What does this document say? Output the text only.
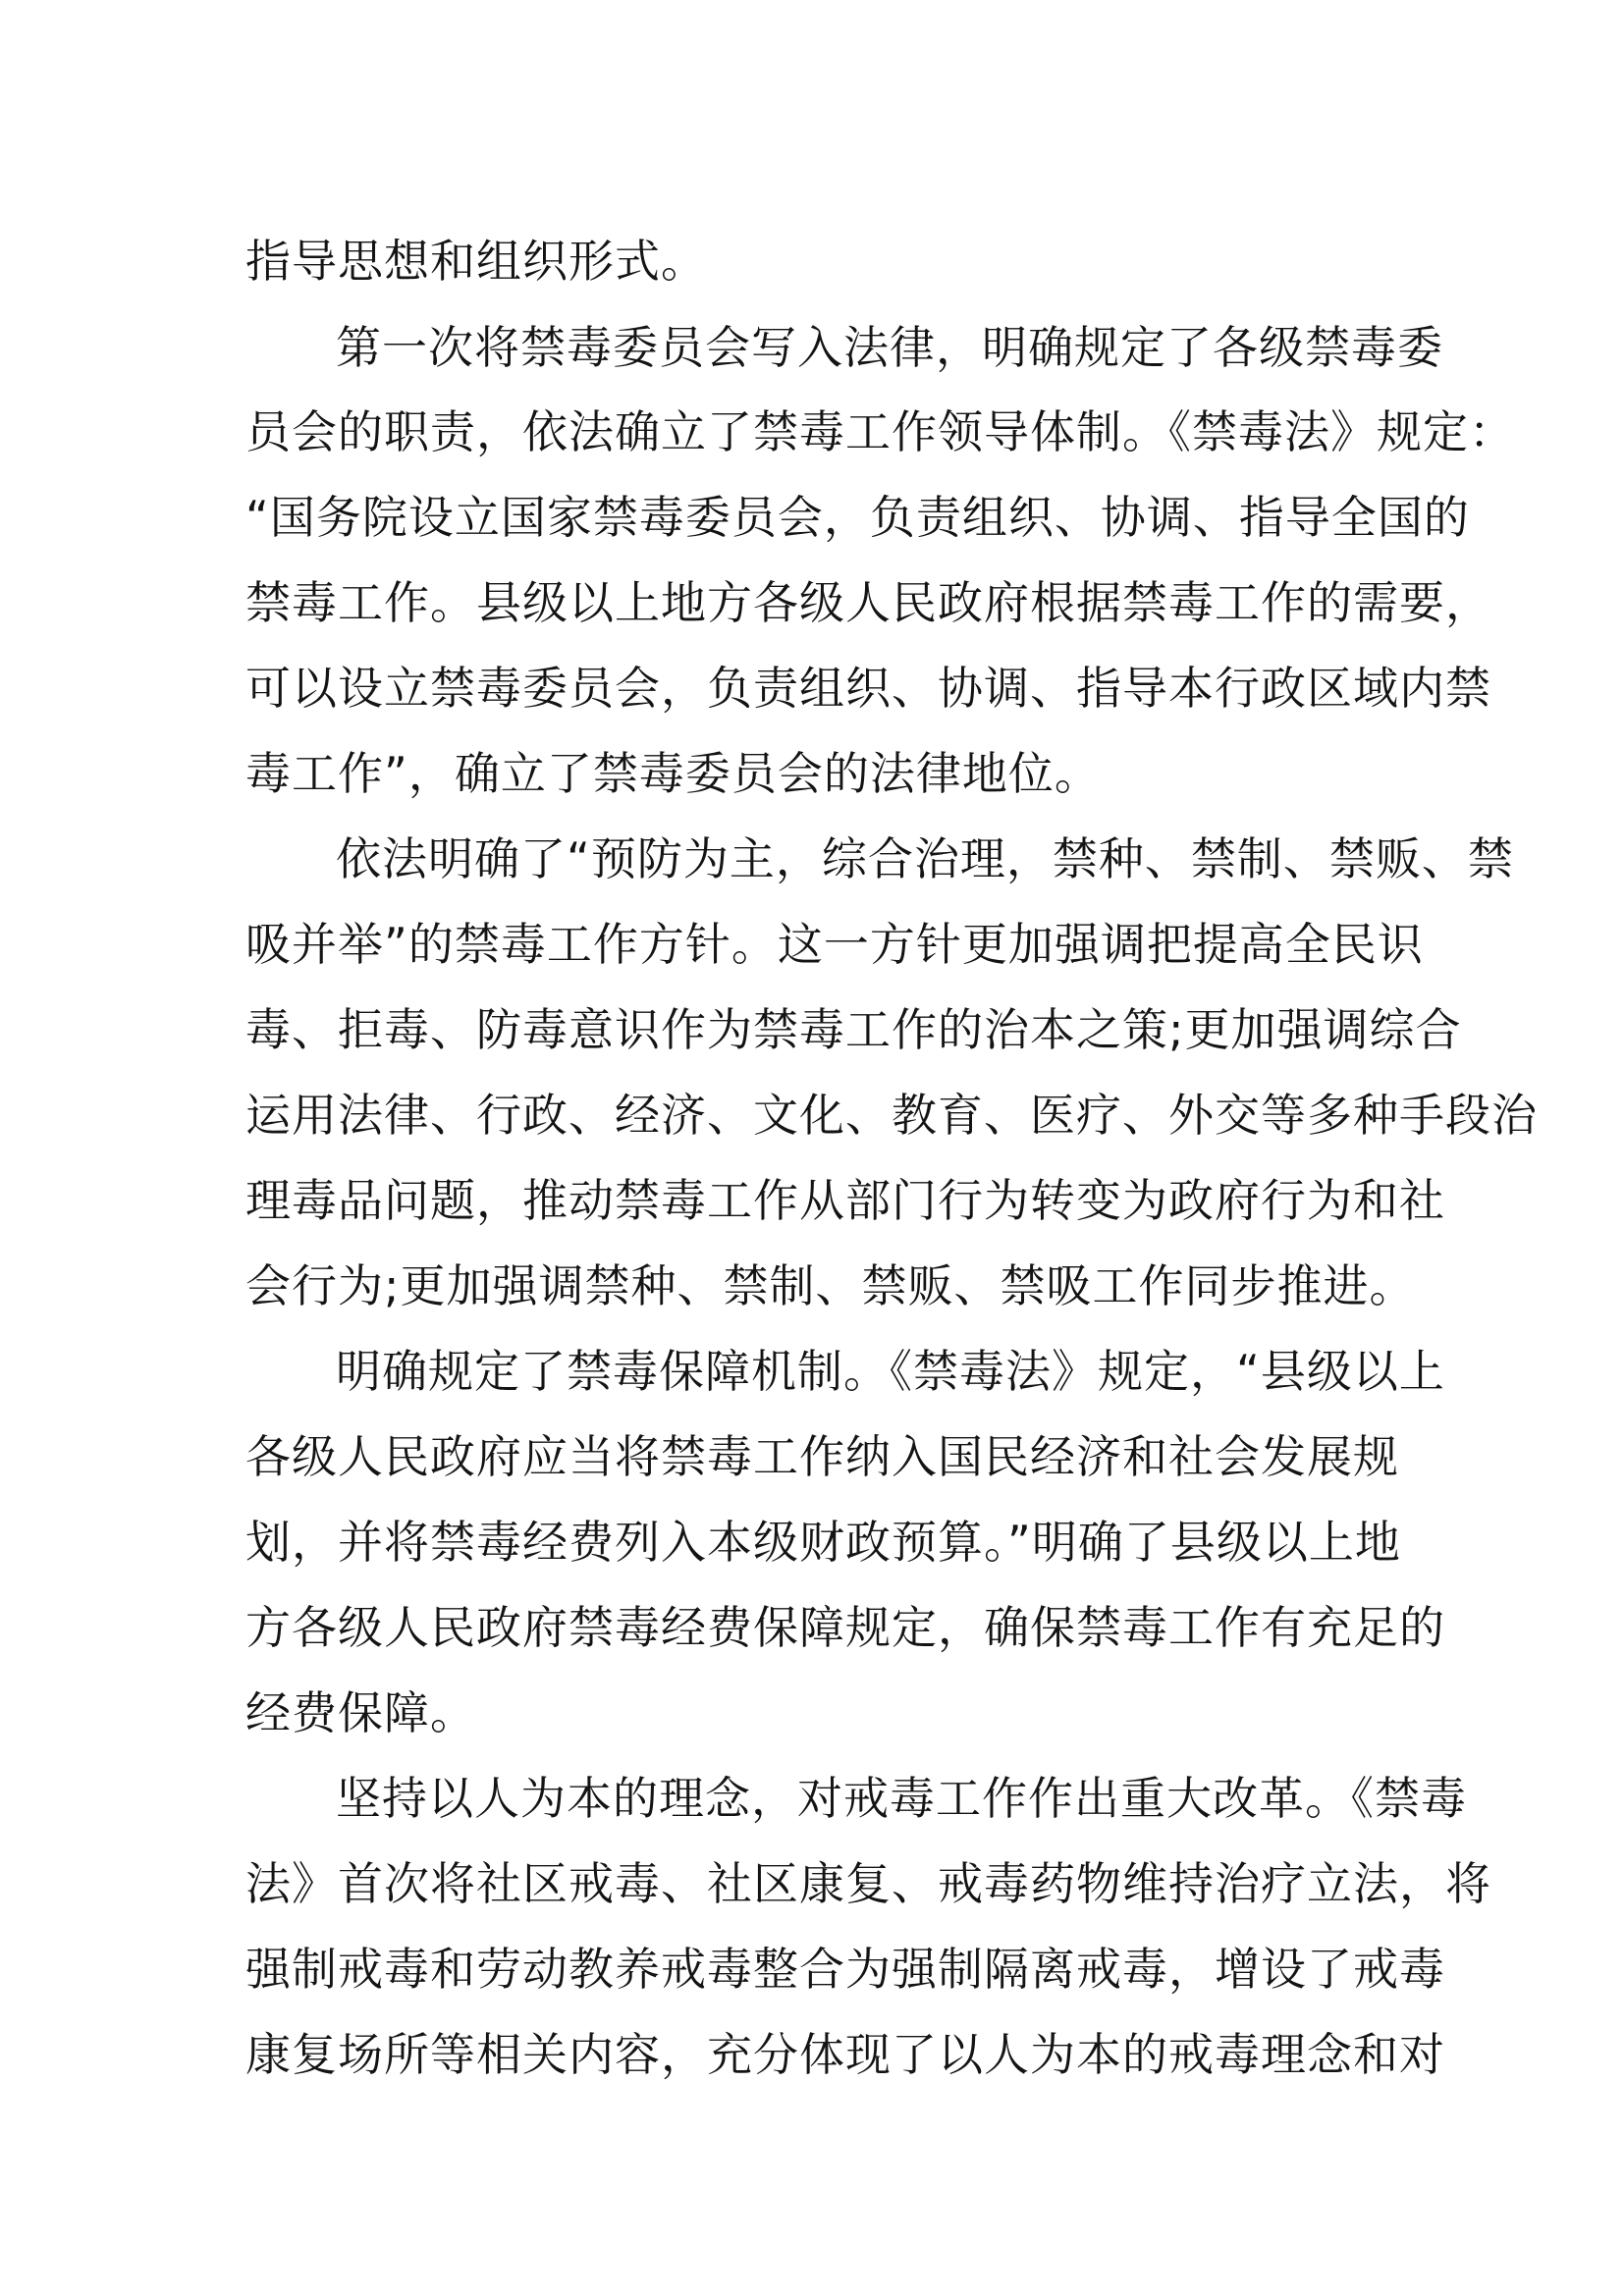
指导思想和组织形式。
第一次将禁毒委员会写入法律，明确规定了各级禁毒委
员会的职责，依法确立了禁毒工作领导体制。《禁毒法》规定：
“国务院设立国家禁毒委员会，负责组织、协调、指导全国的
禁毒工作。县级以上地方各级人民政府根据禁毒工作的需要，
可以设立禁毒委员会，负责组织、协调、指导本行政区域内禁
毒工作”，确立了禁毒委员会的法律地位。
依法明确了“预防为主，综合治理，禁种、禁制、禁贩、禁
吸并举”的禁毒工作方针。这一方针更加强调把提高全民识
毒、拒毒、防毒意识作为禁毒工作的治本之策;更加强调综合
运用法律、行政、经济、文化、教育、医疗、外交等多种手段治
理毒品问题，推动禁毒工作从部门行为转变为政府行为和社
会行为;更加强调禁种、禁制、禁贩、禁吸工作同步推进。
明确规定了禁毒保障机制。《禁毒法》规定，“县级以上
各级人民政府应当将禁毒工作纳入国民经济和社会发展规
划，并将禁毒经费列入本级财政预算。”明确了县级以上地
方各级人民政府禁毒经费保障规定，确保禁毒工作有充足的
经费保障。
坚持以人为本的理念，对戒毒工作作出重大改革。《禁毒
法》首次将社区戒毒、社区康复、戒毒药物维持治疗立法，将
强制戒毒和劳动教养戒毒整合为强制隔离戒毒，增设了戒毒
康复场所等相关内容，充分体现了以人为本的戒毒理念和对
